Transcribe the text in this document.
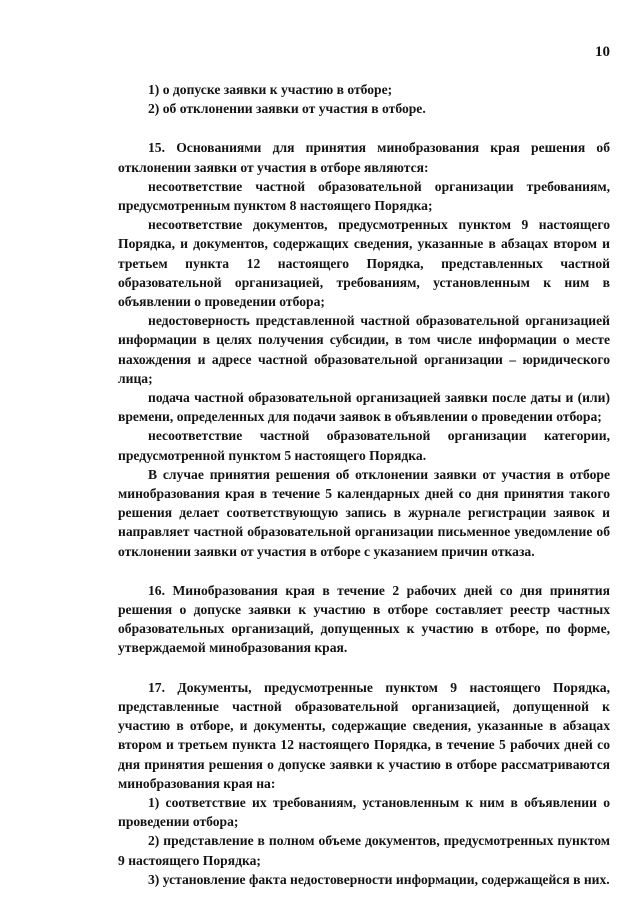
10

1) о допуске заявки к участию в отборе;

2) об отклонении заявки от участия в отборе.

15. Основаниями для принятия минобразования края решения об отклонении заявки от участия в отборе являются:

несоответствие частной образовательной организации требованиям, предусмотренным пунктом 8 настоящего Порядка;

несоответствие документов, предусмотренных пунктом 9 настоящего Порядка, и документов, содержащих сведения, указанные в абзацах втором и третьем пункта 12 настоящего Порядка, представленных частной образовательной организацией, требованиям, установленным к ним в объявлении о проведении отбора;

недостоверность представленной частной образовательной организацией информации в целях получения субсидии, в том числе информации о месте нахождения и адресе частной образовательной организации – юридического лица;

подача частной образовательной организацией заявки после даты и (или) времени, определенных для подачи заявок в объявлении о проведении отбора;

несоответствие частной образовательной организации категории, предусмотренной пунктом 5 настоящего Порядка.

В случае принятия решения об отклонении заявки от участия в отборе минобразования края в течение 5 календарных дней со дня принятия такого решения делает соответствующую запись в журнале регистрации заявок и направляет частной образовательной организации письменное уведомление об отклонении заявки от участия в отборе с указанием причин отказа.

16. Минобразования края в течение 2 рабочих дней со дня принятия решения о допуске заявки к участию в отборе составляет реестр частных образовательных организаций, допущенных к участию в отборе, по форме, утверждаемой минобразования края.

17. Документы, предусмотренные пунктом 9 настоящего Порядка, представленные частной образовательной организацией, допущенной к участию в отборе, и документы, содержащие сведения, указанные в абзацах втором и третьем пункта 12 настоящего Порядка, в течение 5 рабочих дней со дня принятия решения о допуске заявки к участию в отборе рассматриваются минобразования края на:

1) соответствие их требованиям, установленным к ним в объявлении о проведении отбора;

2) представление в полном объеме документов, предусмотренных пунктом 9 настоящего Порядка;

3) установление факта недостоверности информации, содержащейся в них.
